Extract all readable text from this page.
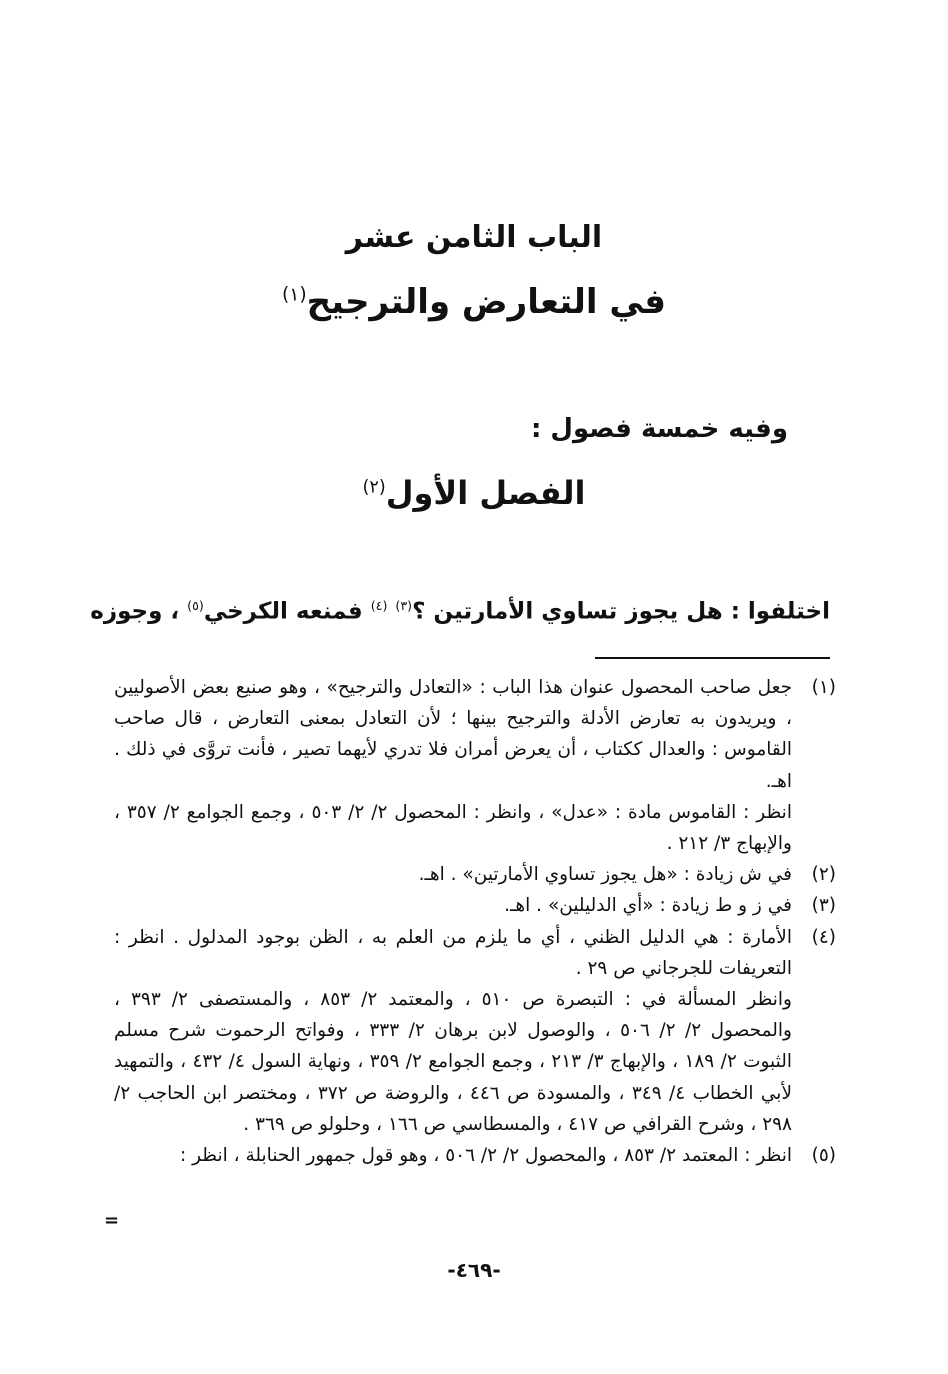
الباب الثامن عشر
في التعارض والترجيح$^{(١)}$
وفيه خمسة فصول :
الفصل الأول$^{(٢)}$
اختلفوا : هل يجوز تساوي الأمارتين ؟$^{(٣)}$ $^{(٤)}$ فمنعه الكرخي$^{(٥)}$ ، وجوزه
(١)

جعل صاحب المحصول عنوان هذا الباب : «التعادل والترجيح» ، وهو صنيع بعض الأصوليين ، ويريدون به تعارض الأدلة والترجيح بينها ؛ لأن التعادل بمعنى التعارض ، قال صاحب القاموس : والعدال ككتاب ، أن يعرض أمران فلا تدري لأيهما تصير ، فأنت تروَّى في ذلك . اهـ.

انظر : القاموس مادة : «عدل» ، وانظر : المحصول ٢/ ٢/ ٥٠٣ ، وجمع الجوامع ٢/ ٣٥٧ ، والإبهاج ٣/ ٢١٢ .

(٢)

في ش زيادة : «هل يجوز تساوي الأمارتين» . اهـ.

(٣)

في ز و ط زيادة : «أي الدليلين» . اهـ.

(٤)

الأمارة : هي الدليل الظني ، أي ما يلزم من العلم به ، الظن بوجود المدلول . انظر : التعريفات للجرجاني ص ٢٩ .

وانظر المسألة في : التبصرة ص ٥١٠ ، والمعتمد ٢/ ٨٥٣ ، والمستصفى ٢/ ٣٩٣ ، والمحصول ٢/ ٢/ ٥٠٦ ، والوصول لابن برهان ٢/ ٣٣٣ ، وفواتح الرحموت شرح مسلم الثبوت ٢/ ١٨٩ ، والإبهاج ٣/ ٢١٣ ، وجمع الجوامع ٢/ ٣٥٩ ، ونهاية السول ٤/ ٤٣٢ ، والتمهيد لأبي الخطاب ٤/ ٣٤٩ ، والمسودة ص ٤٤٦ ، والروضة ص ٣٧٢ ، ومختصر ابن الحاجب ٢/ ٢٩٨ ، وشرح القرافي ص ٤١٧ ، والمسطاسي ص ١٦٦ ، وحلولو ص ٣٦٩ .

(٥)

انظر : المعتمد ٢/ ٨٥٣ ، والمحصول ٢/ ٢/ ٥٠٦ ، وهو قول جمهور الحنابلة ، انظر :

=
-٤٦٩-
